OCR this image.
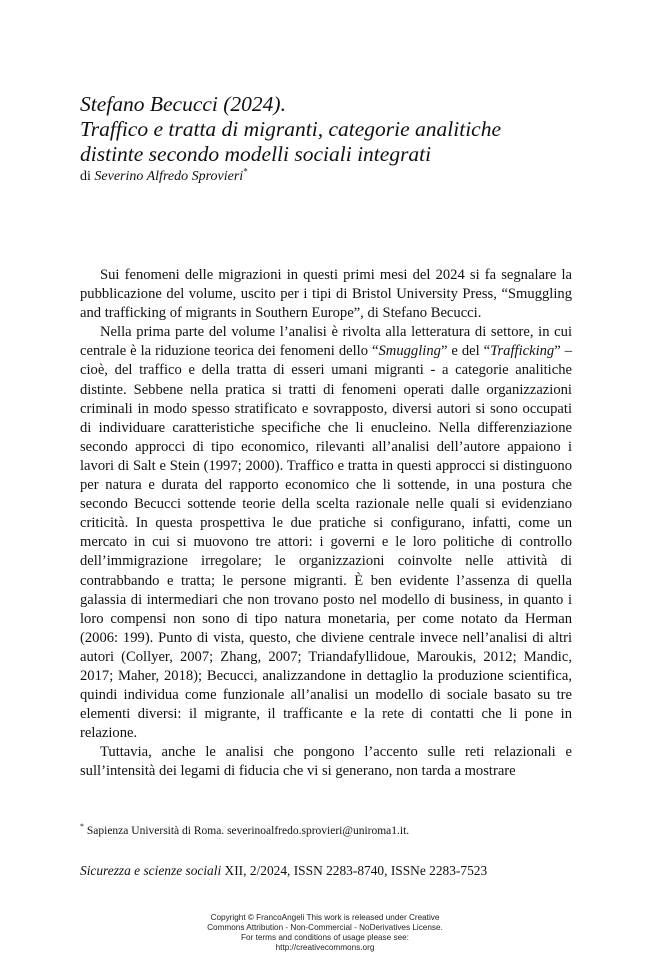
Stefano Becucci (2024).
Traffico e tratta di migranti, categorie analitiche
distinte secondo modelli sociali integrati
di Severino Alfredo Sprovieri*

Sui fenomeni delle migrazioni in questi primi mesi del 2024 si fa segnalare la pubblicazione del volume, uscito per i tipi di Bristol University Press, “Smuggling and trafficking of migrants in Southern Europe”, di Stefano Becucci.

Nella prima parte del volume l’analisi è rivolta alla letteratura di settore, in cui centrale è la riduzione teorica dei fenomeni dello “Smuggling” e del “Trafficking” – cioè, del traffico e della tratta di esseri umani migranti - a categorie analitiche distinte. Sebbene nella pratica si tratti di fenomeni operati dalle organizzazioni criminali in modo spesso stratificato e sovrapposto, diversi autori si sono occupati di individuare caratteristiche specifiche che li enucleino. Nella differenziazione secondo approcci di tipo economico, rilevanti all’analisi dell’autore appaiono i lavori di Salt e Stein (1997; 2000). Traffico e tratta in questi approcci si distinguono per natura e durata del rapporto economico che li sottende, in una postura che secondo Becucci sottende teorie della scelta razionale nelle quali si evidenziano criticità. In questa prospettiva le due pratiche si configurano, infatti, come un mercato in cui si muovono tre attori: i governi e le loro politiche di controllo dell’immigrazione irregolare; le organizzazioni coinvolte nelle attività di contrabbando e tratta; le persone migranti. È ben evidente l’assenza di quella galassia di intermediari che non trovano posto nel modello di business, in quanto i loro compensi non sono di tipo natura monetaria, per come notato da Herman (2006: 199). Punto di vista, questo, che diviene centrale invece nell’analisi di altri autori (Collyer, 2007; Zhang, 2007; Triandafyllidoue, Maroukis, 2012; Mandic, 2017; Maher, 2018); Becucci, analizzandone in dettaglio la produzione scientifica, quindi individua come funzionale all’analisi un modello di sociale basato su tre elementi diversi: il migrante, il trafficante e la rete di contatti che li pone in relazione.

Tuttavia, anche le analisi che pongono l’accento sulle reti relazionali e sull’intensità dei legami di fiducia che vi si generano, non tarda a mostrare

* Sapienza Università di Roma. severinoalfredo.sprovieri@uniroma1.it.
Sicurezza e scienze sociali XII, 2/2024, ISSN 2283-8740, ISSNe 2283-7523
Copyright © FrancoAngeli This work is released under Creative
Commons Attribution - Non-Commercial - NoDerivatives License.
For terms and conditions of usage please see:
http://creativecommons.org
